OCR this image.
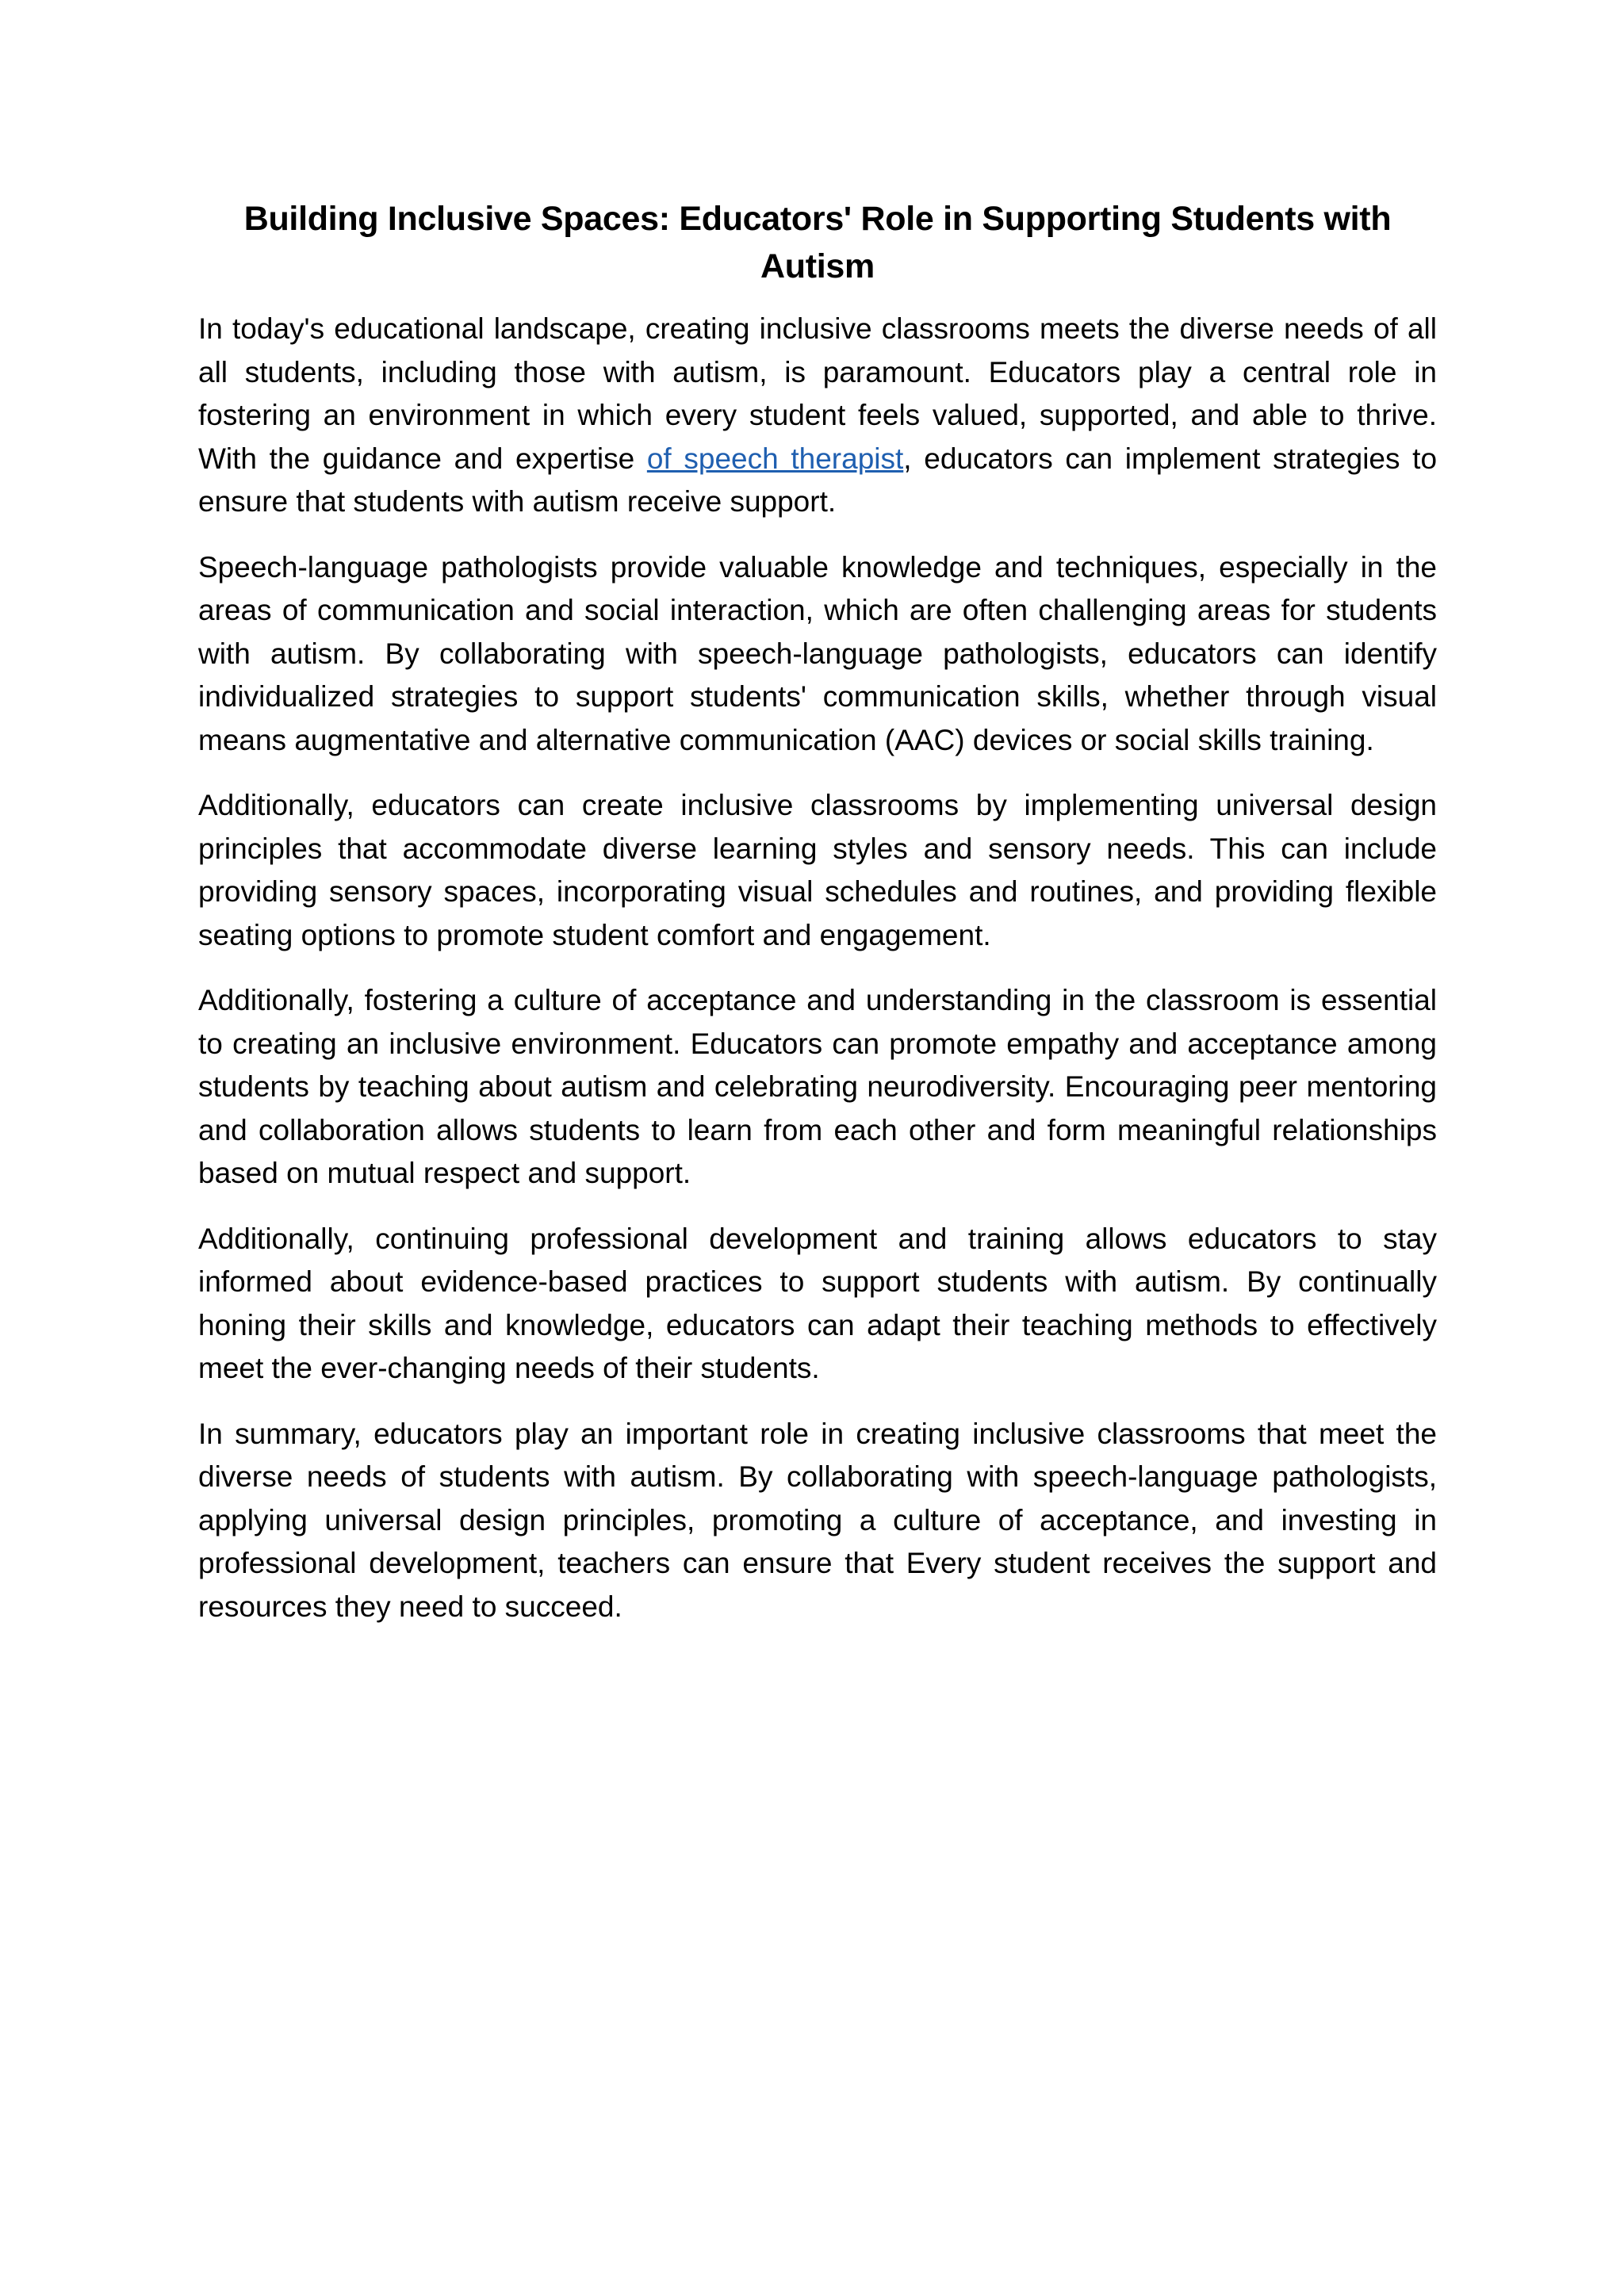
Building Inclusive Spaces: Educators' Role in Supporting Students with Autism

In today's educational landscape, creating inclusive classrooms meets the diverse needs of all all students, including those with autism, is paramount. Educators play a central role in fostering an environment in which every student feels valued, supported, and able to thrive. With the guidance and expertise of speech therapist, educators can implement strategies to ensure that students with autism receive support.

Speech-language pathologists provide valuable knowledge and techniques, especially in the areas of communication and social interaction, which are often challenging areas for students with autism. By collaborating with speech-language pathologists, educators can identify individualized strategies to support students' communication skills, whether through visual means augmentative and alternative communication (AAC) devices or social skills training.

Additionally, educators can create inclusive classrooms by implementing universal design principles that accommodate diverse learning styles and sensory needs. This can include providing sensory spaces, incorporating visual schedules and routines, and providing flexible seating options to promote student comfort and engagement.

Additionally, fostering a culture of acceptance and understanding in the classroom is essential to creating an inclusive environment. Educators can promote empathy and acceptance among students by teaching about autism and celebrating neurodiversity. Encouraging peer mentoring and collaboration allows students to learn from each other and form meaningful relationships based on mutual respect and support.

Additionally, continuing professional development and training allows educators to stay informed about evidence-based practices to support students with autism. By continually honing their skills and knowledge, educators can adapt their teaching methods to effectively meet the ever-changing needs of their students.

In summary, educators play an important role in creating inclusive classrooms that meet the diverse needs of students with autism. By collaborating with speech-language pathologists, applying universal design principles, promoting a culture of acceptance, and investing in professional development, teachers can ensure that Every student receives the support and resources they need to succeed.
